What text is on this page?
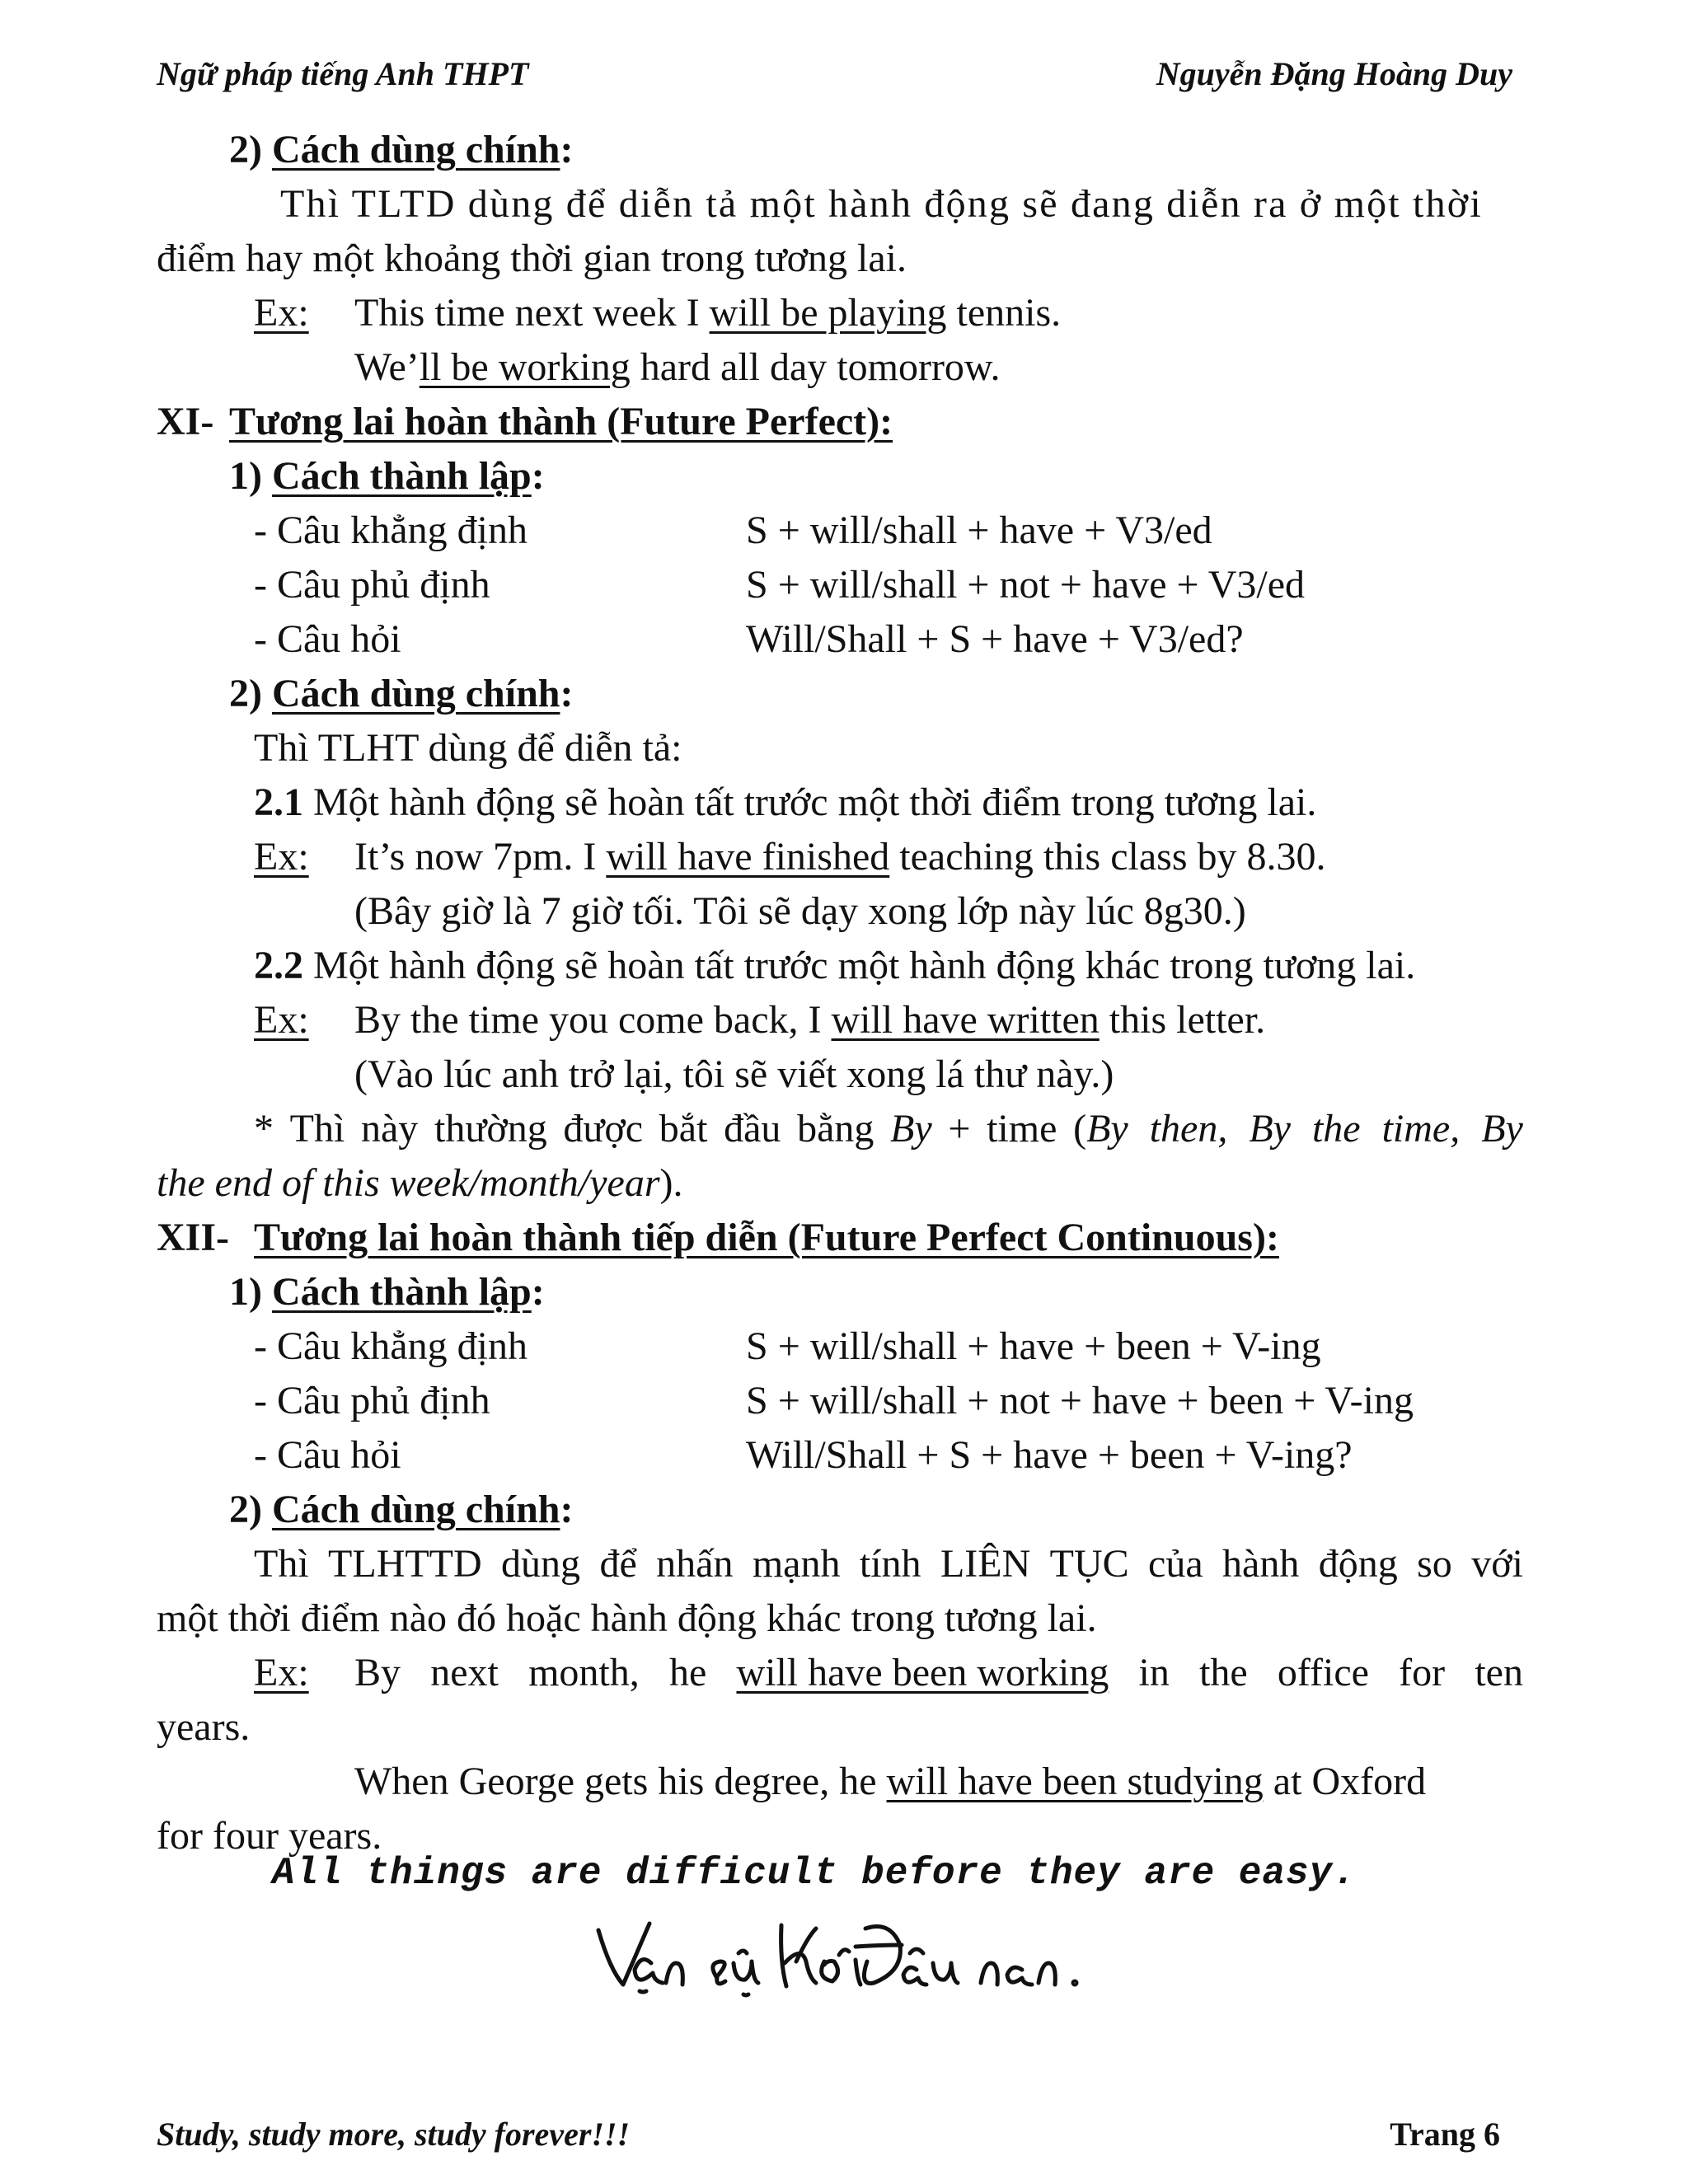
Ngữ pháp tiếng Anh THPT	Nguyễn Đặng Hoàng Duy
2) Cách dùng chính:
Thì TLTD dùng để diễn tả một hành động sẽ đang diễn ra ở một thời
điểm hay một khoảng thời gian trong tương lai.
Ex: This time next week I will be playing tennis.
We’ll be working hard all day tomorrow.
XI- Tương lai hoàn thành (Future Perfect):
1) Cách thành lập:
- Câu khẳng định	S + will/shall + have + V3/ed
- Câu phủ định	S + will/shall + not + have + V3/ed
- Câu hỏi	Will/Shall + S + have + V3/ed?
2) Cách dùng chính:
Thì TLHT dùng để diễn tả:
2.1 Một hành động sẽ hoàn tất trước một thời điểm trong tương lai.
Ex: It’s now 7pm. I will have finished teaching this class by 8.30.
(Bây giờ là 7 giờ tối. Tôi sẽ dạy xong lớp này lúc 8g30.)
2.2 Một hành động sẽ hoàn tất trước một hành động khác trong tương lai.
Ex: By the time you come back, I will have written this letter.
(Vào lúc anh trở lại, tôi sẽ viết xong lá thư này.)
* Thì này thường được bắt đầu bằng By + time (By then, By the time, By
the end of this week/month/year).
XII- Tương lai hoàn thành tiếp diễn (Future Perfect Continuous):
1) Cách thành lập:
- Câu khẳng định	S + will/shall + have + been + V-ing
- Câu phủ định	S + will/shall + not + have + been + V-ing
- Câu hỏi	Will/Shall + S + have + been + V-ing?
2) Cách dùng chính:
Thì TLHTTD dùng để nhấn mạnh tính LIÊN TỤC của hành động so với
một thời điểm nào đó hoặc hành động khác trong tương lai.
Ex: By next month, he will have been working in the office for ten
years.
When George gets his degree, he will have been studying at Oxford
for four years.
All things are difficult before they are easy.
Study, study more, study forever!!!	Trang 6
